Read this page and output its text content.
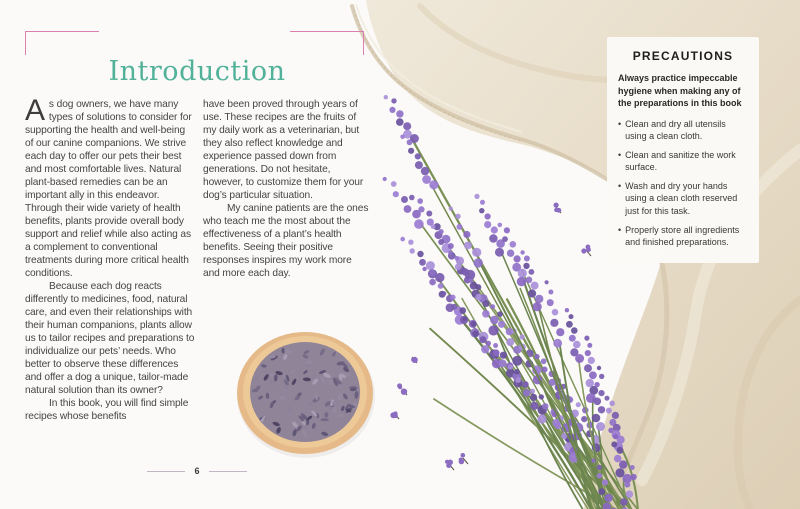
Introduction

As dog owners, we have many types of solutions to consider for supporting the health and well-being of our canine companions. We strive each day to offer our pets their best and most comfortable lives. Natural plant-based remedies can be an important ally in this endeavor. Through their wide variety of health benefits, plants provide overall body support and relief while also acting as a complement to conventional treatments during more critical health conditions.

Because each dog reacts differently to medicines, food, natural care, and even their relationships with their human companions, plants allow us to tailor recipes and preparations to individualize our pets’ needs. Who better to observe these differences and offer a dog a unique, tailor-made natural solution than its owner?

In this book, you will find simple recipes whose benefits

have been proved through years of use. These recipes are the fruits of my daily work as a veterinarian, but they also reflect knowledge and experience passed down from generations. Do not hesitate, however, to customize them for your dog’s particular situation.

My canine patients are the ones who teach me the most about the effectiveness of a plant’s health benefits. Seeing their positive responses inspires my work more and more each day.

6
PRECAUTIONS

Always practice impeccable hygiene when making any of the preparations in this book

• Clean and dry all utensils using a clean cloth.
• Clean and sanitize the work surface.
• Wash and dry your hands using a clean cloth reserved just for this task.
• Properly store all ingredients and finished preparations.
